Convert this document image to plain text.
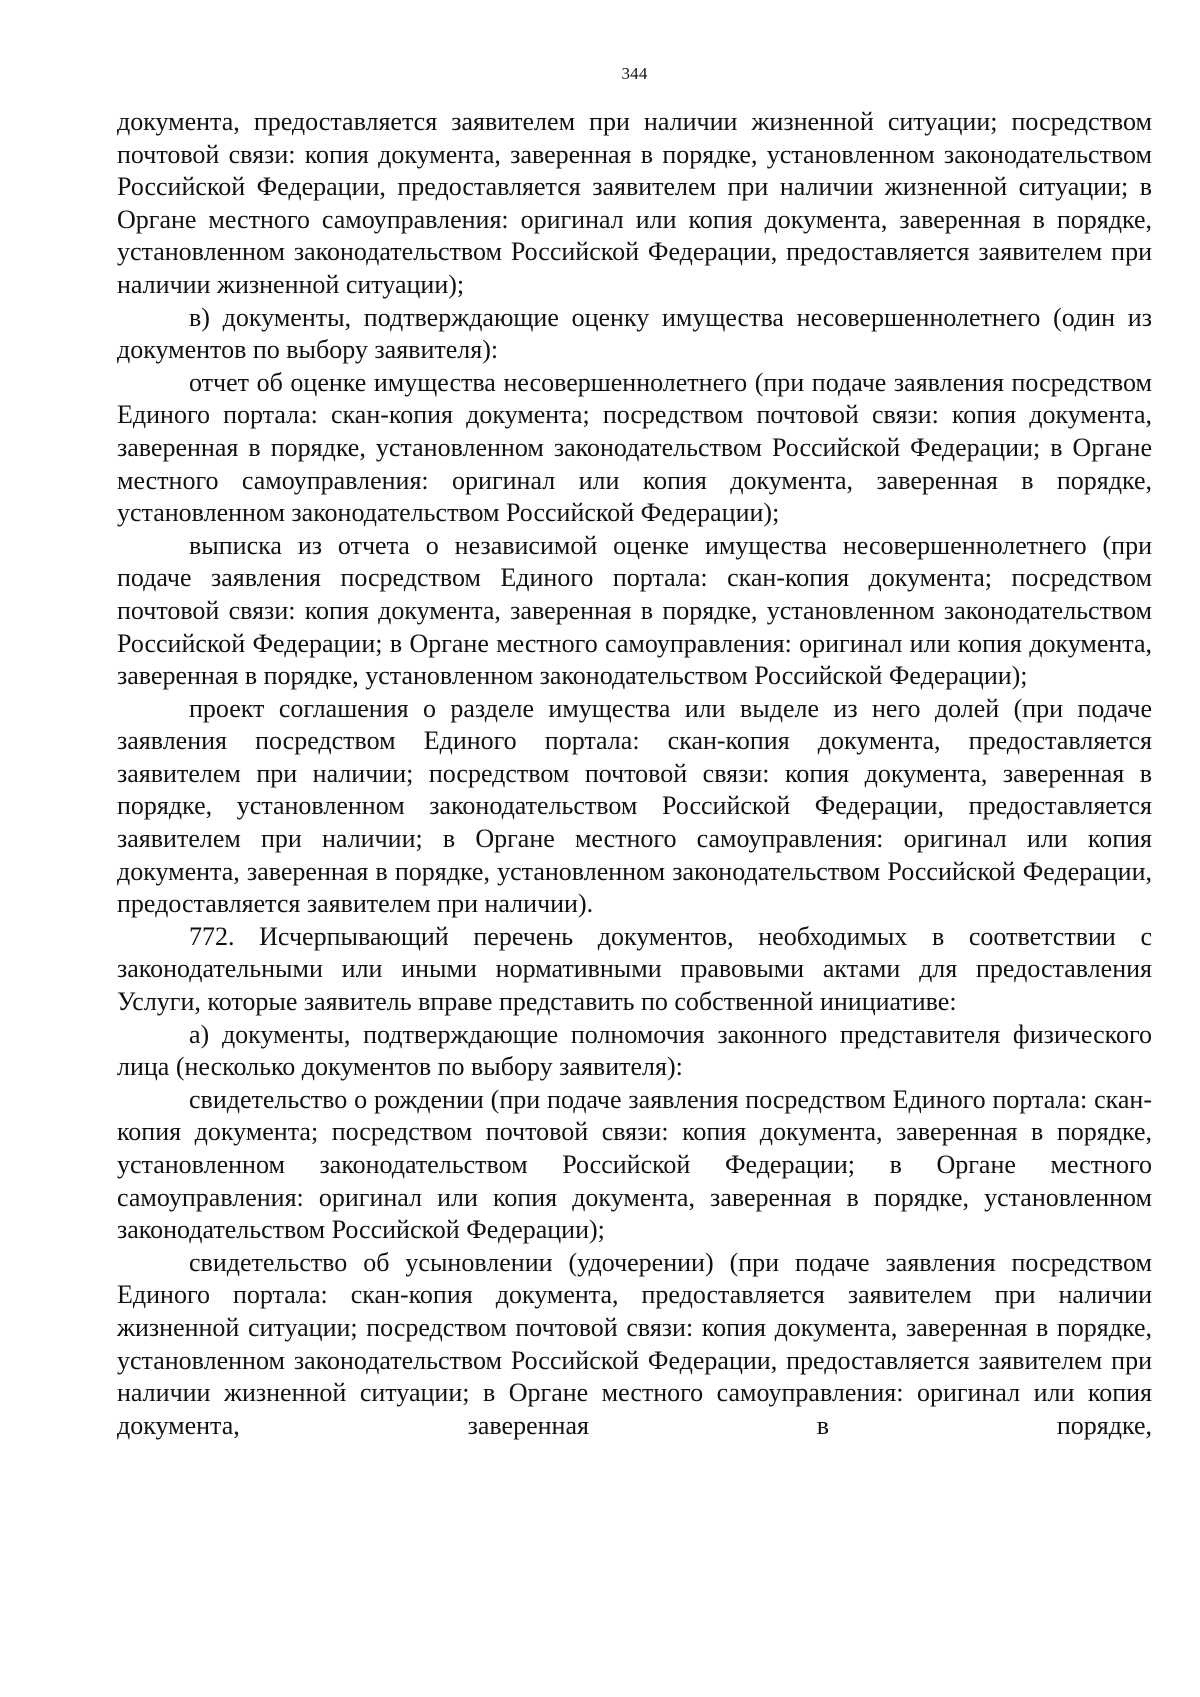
344

документа, предоставляется заявителем при наличии жизненной ситуации; посредством почтовой связи: копия документа, заверенная в порядке, установленном законодательством Российской Федерации, предоставляется заявителем при наличии жизненной ситуации; в Органе местного самоуправления: оригинал или копия документа, заверенная в порядке, установленном законодательством Российской Федерации, предоставляется заявителем при наличии жизненной ситуации);

в) документы, подтверждающие оценку имущества несовершеннолетнего (один из документов по выбору заявителя):

отчет об оценке имущества несовершеннолетнего (при подаче заявления посредством Единого портала: скан-копия документа; посредством почтовой связи: копия документа, заверенная в порядке, установленном законодательством Российской Федерации; в Органе местного самоуправления: оригинал или копия документа, заверенная в порядке, установленном законодательством Российской Федерации);

выписка из отчета о независимой оценке имущества несовершеннолетнего (при подаче заявления посредством Единого портала: скан-копия документа; посредством почтовой связи: копия документа, заверенная в порядке, установленном законодательством Российской Федерации; в Органе местного самоуправления: оригинал или копия документа, заверенная в порядке, установленном законодательством Российской Федерации);

проект соглашения о разделе имущества или выделе из него долей (при подаче заявления посредством Единого портала: скан-копия документа, предоставляется заявителем при наличии; посредством почтовой связи: копия документа, заверенная в порядке, установленном законодательством Российской Федерации, предоставляется заявителем при наличии; в Органе местного самоуправления: оригинал или копия документа, заверенная в порядке, установленном законодательством Российской Федерации, предоставляется заявителем при наличии).

772. Исчерпывающий перечень документов, необходимых в соответствии с законодательными или иными нормативными правовыми актами для предоставления Услуги, которые заявитель вправе представить по собственной инициативе:

а) документы, подтверждающие полномочия законного представителя физического лица (несколько документов по выбору заявителя):

свидетельство о рождении (при подаче заявления посредством Единого портала: скан-копия документа; посредством почтовой связи: копия документа, заверенная в порядке, установленном законодательством Российской Федерации; в Органе местного самоуправления: оригинал или копия документа, заверенная в порядке, установленном законодательством Российской Федерации);

свидетельство об усыновлении (удочерении) (при подаче заявления посредством Единого портала: скан-копия документа, предоставляется заявителем при наличии жизненной ситуации; посредством почтовой связи: копия документа, заверенная в порядке, установленном законодательством Российской Федерации, предоставляется заявителем при наличии жизненной ситуации; в Органе местного самоуправления: оригинал или копия документа, заверенная в порядке,
